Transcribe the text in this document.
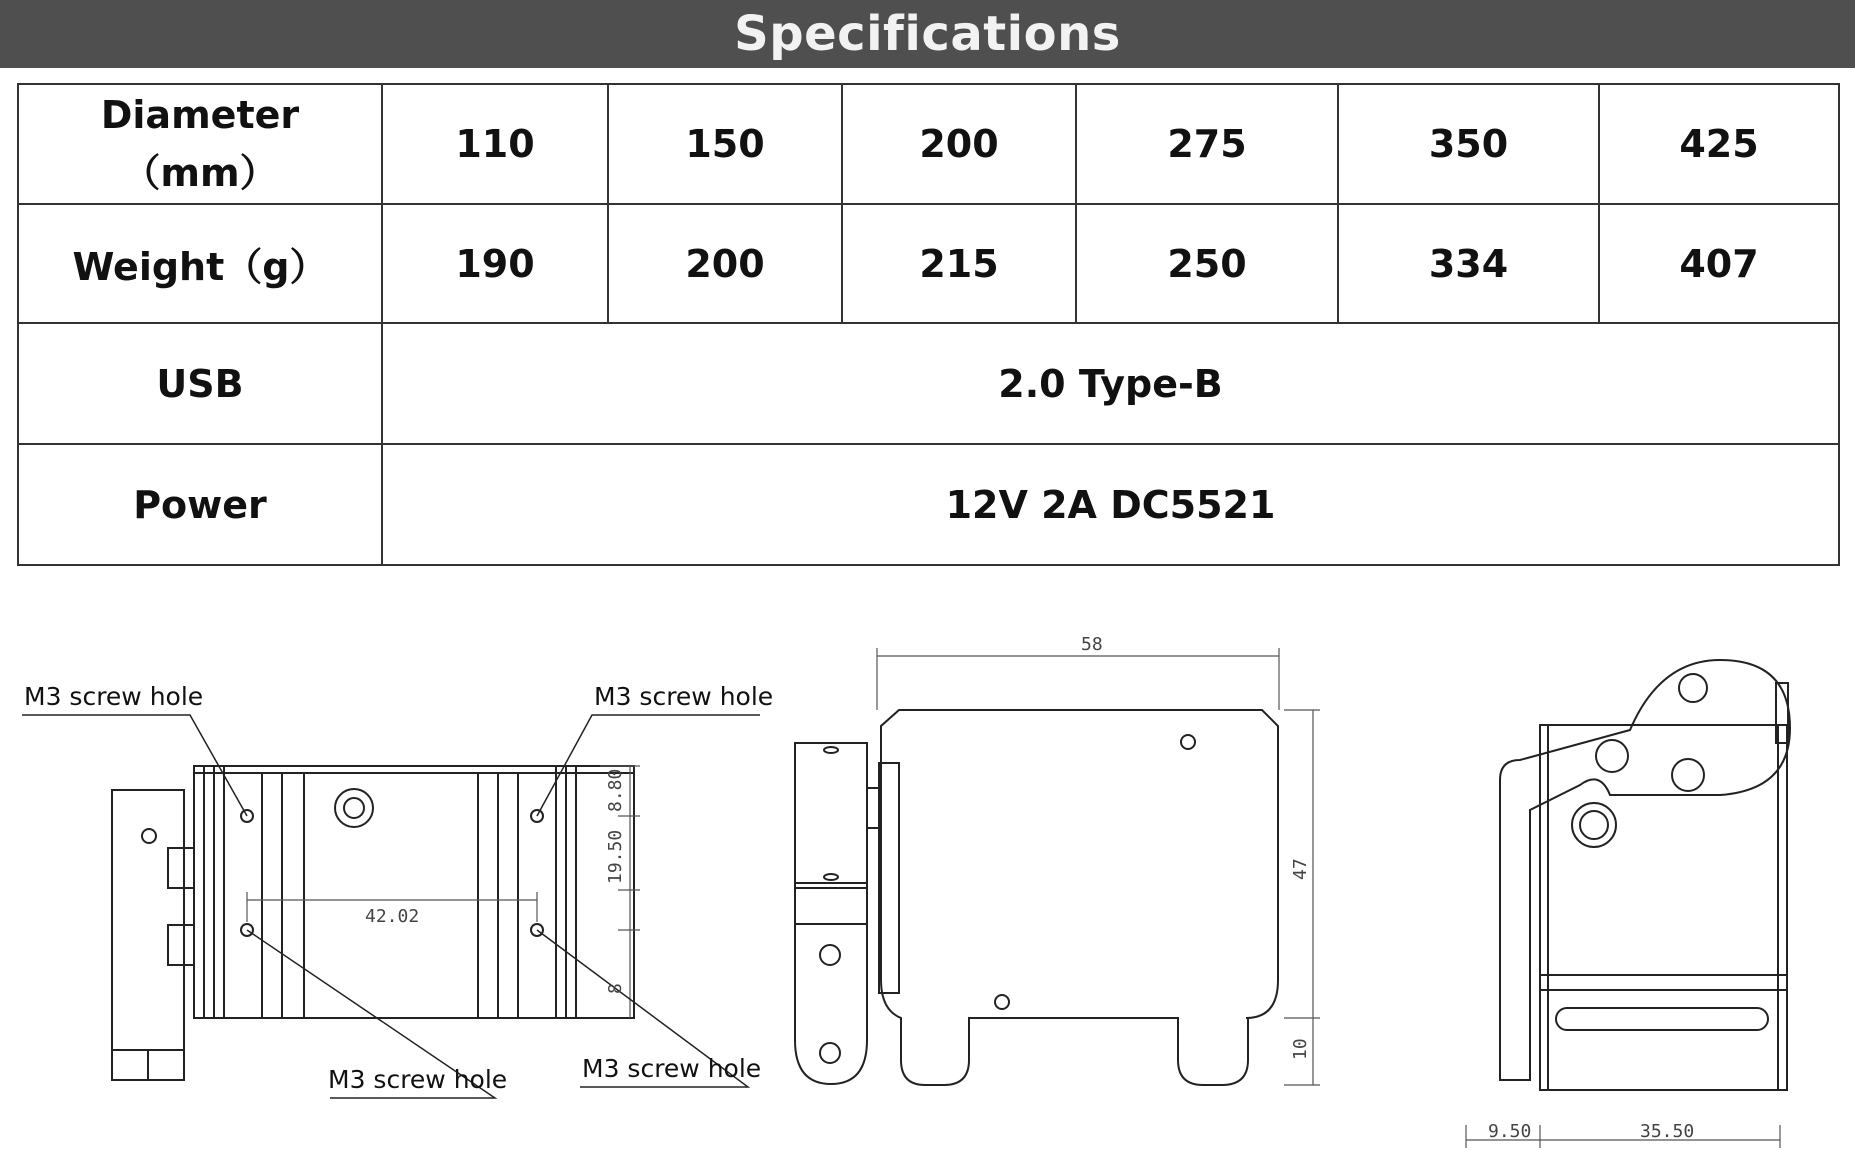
Specifications
Diameter
（mm）	110	150	200	275	350	425
Weight（g）	190	200	215	250	334	407
USB	2.0 Type-B					
Power	12V 2A DC5521					
M3 screw hole	M3 screw hole
M3 screw hole	M3 screw hole
42.02
8.80
19.50
8
58
47
10
9.50	35.50
